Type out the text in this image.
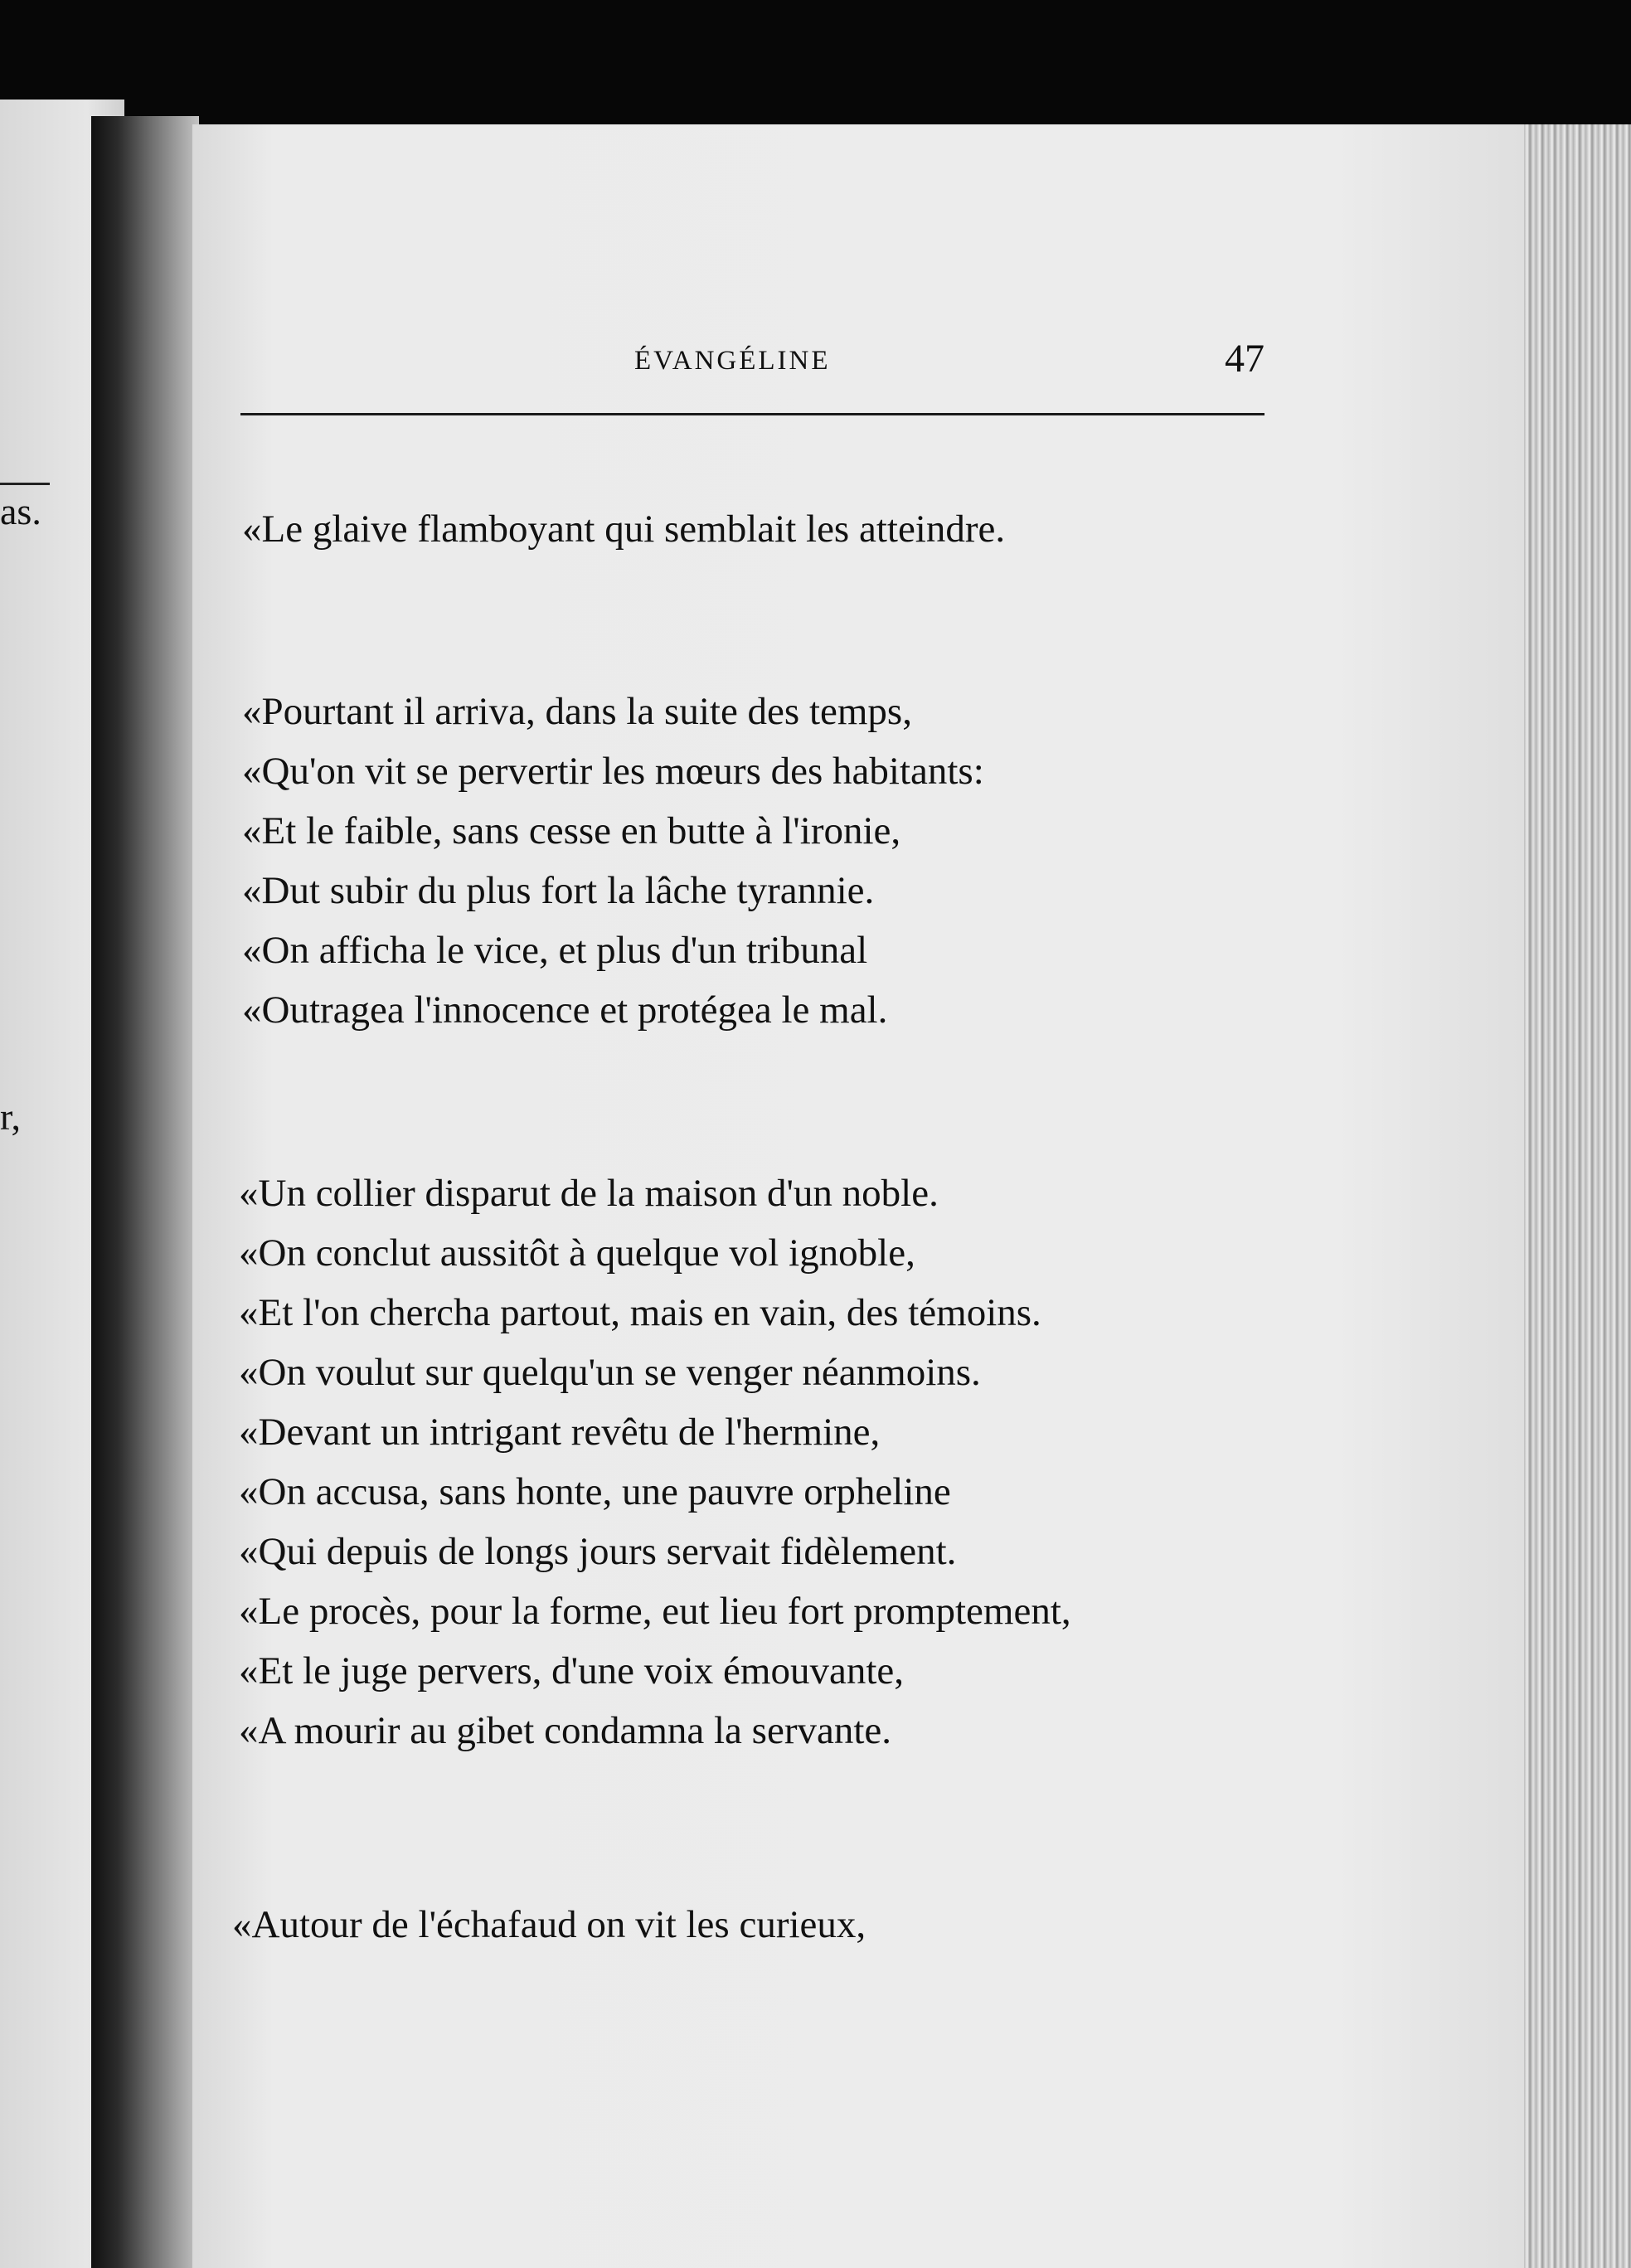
as.
r,
ÉVANGÉLINE	47
«Le glaive flamboyant qui semblait les atteindre.
«Pourtant il arriva, dans la suite des temps,
«Qu'on vit se pervertir les mœurs des habitants:
«Et le faible, sans cesse en butte à l'ironie,
«Dut subir du plus fort la lâche tyrannie.
«On afficha le vice, et plus d'un tribunal
«Outragea l'innocence et protégea le mal.
«Un collier disparut de la maison d'un noble.
«On conclut aussitôt à quelque vol ignoble,
«Et l'on chercha partout, mais en vain, des témoins.
«On voulut sur quelqu'un se venger néanmoins.
«Devant un intrigant revêtu de l'hermine,
«On accusa, sans honte, une pauvre orpheline
«Qui depuis de longs jours servait fidèlement.
«Le procès, pour la forme, eut lieu fort promptement,
«Et le juge pervers, d'une voix émouvante,
«A mourir au gibet condamna la servante.
«Autour de l'échafaud on vit les curieux,
